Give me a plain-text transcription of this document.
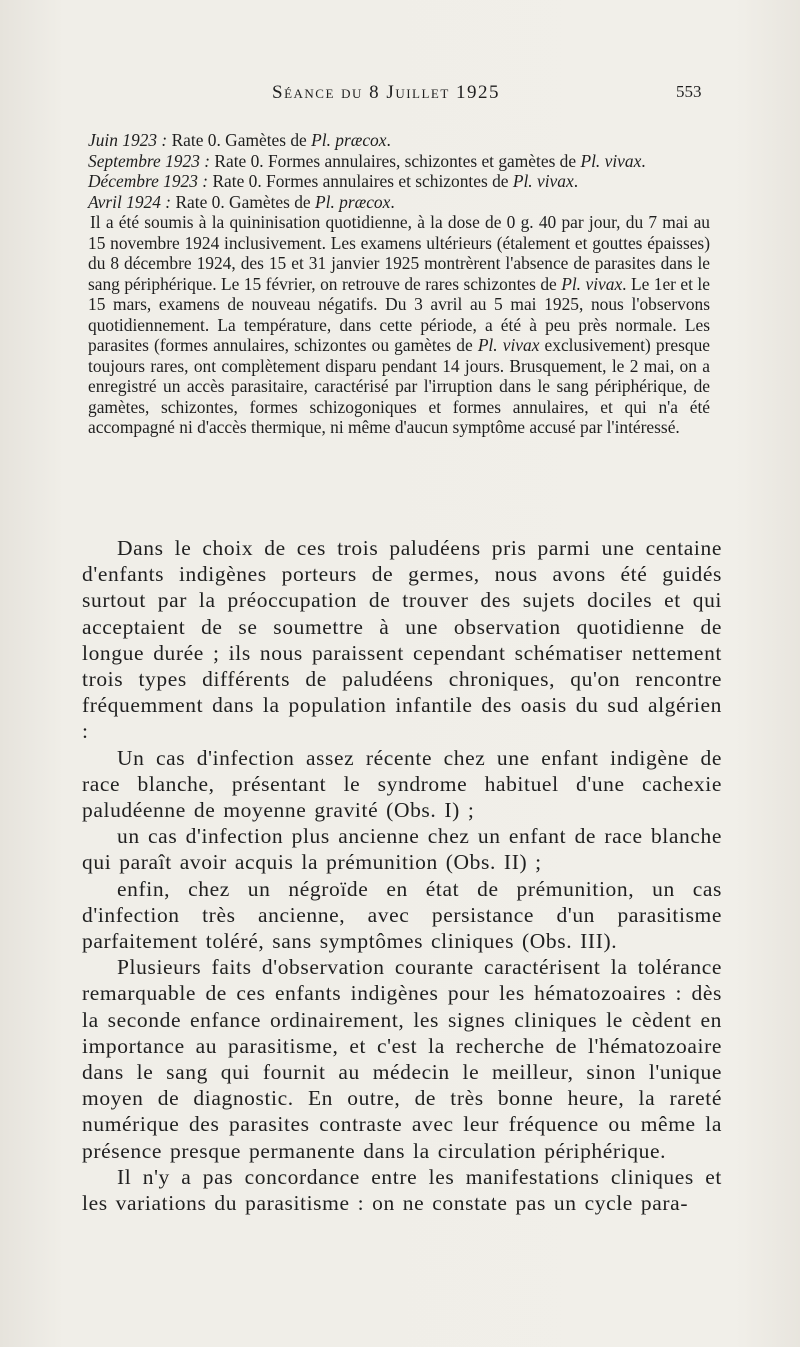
Séance du 8 Juillet 1925	553

Juin 1923 : Rate 0. Gamètes de Pl. præcox.

Septembre 1923 : Rate 0. Formes annulaires, schizontes et gamètes de Pl. vivax.

Décembre 1923 : Rate 0. Formes annulaires et schizontes de Pl. vivax.

Avril 1924 : Rate 0. Gamètes de Pl. præcox.

Il a été soumis à la quininisation quotidienne, à la dose de 0 g. 40 par jour, du 7 mai au 15 novembre 1924 inclusivement. Les examens ultérieurs (étalement et gouttes épaisses) du 8 décembre 1924, des 15 et 31 janvier 1925 montrèrent l'absence de parasites dans le sang périphérique. Le 15 février, on retrouve de rares schizontes de Pl. vivax. Le 1er et le 15 mars, examens de nouveau négatifs. Du 3 avril au 5 mai 1925, nous l'observons quotidiennement. La température, dans cette période, a été à peu près normale. Les parasites (formes annulaires, schizontes ou gamètes de Pl. vivax exclusivement) presque toujours rares, ont complètement disparu pendant 14 jours. Brusquement, le 2 mai, on a enregistré un accès parasitaire, caractérisé par l'irruption dans le sang périphérique, de gamètes, schizontes, formes schizogoniques et formes annulaires, et qui n'a été accompagné ni d'accès thermique, ni même d'aucun symptôme accusé par l'intéressé.

Dans le choix de ces trois paludéens pris parmi une centaine d'enfants indigènes porteurs de germes, nous avons été guidés surtout par la préoccupation de trouver des sujets dociles et qui acceptaient de se soumettre à une observation quotidienne de longue durée ; ils nous paraissent cependant schématiser nettement trois types différents de paludéens chroniques, qu'on rencontre fréquemment dans la population infantile des oasis du sud algérien :

Un cas d'infection assez récente chez une enfant indigène de race blanche, présentant le syndrome habituel d'une cachexie paludéenne de moyenne gravité (Obs. I) ;

un cas d'infection plus ancienne chez un enfant de race blanche qui paraît avoir acquis la prémunition (Obs. II) ;

enfin, chez un négroïde en état de prémunition, un cas d'infection très ancienne, avec persistance d'un parasitisme parfaitement toléré, sans symptômes cliniques (Obs. III).

Plusieurs faits d'observation courante caractérisent la tolérance remarquable de ces enfants indigènes pour les hématozoaires : dès la seconde enfance ordinairement, les signes cliniques le cèdent en importance au parasitisme, et c'est la recherche de l'hématozoaire dans le sang qui fournit au médecin le meilleur, sinon l'unique moyen de diagnostic. En outre, de très bonne heure, la rareté numérique des parasites contraste avec leur fréquence ou même la présence presque permanente dans la circulation périphérique.

Il n'y a pas concordance entre les manifestations cliniques et les variations du parasitisme : on ne constate pas un cycle para-
